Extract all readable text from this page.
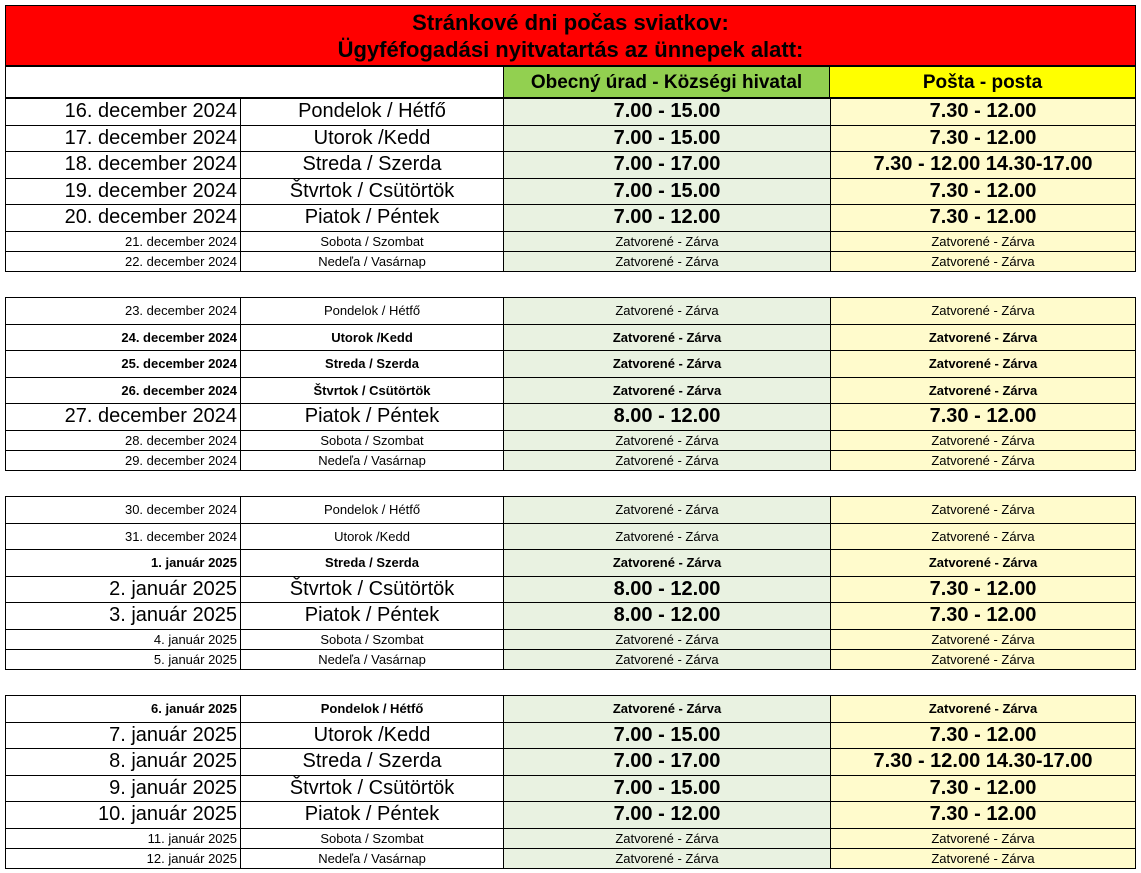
Stránkové dni počas sviatkov:
Ügyféfogadási nyitvatartás az ünnepek alatt:
Obecný úrad - Községi hivatal	Pošta - posta
16. december 2024	Pondelok / Hétfő	7.00 - 15.00	7.30 - 12.00
17. december 2024	Utorok /Kedd	7.00 - 15.00	7.30 - 12.00
18. december 2024	Streda / Szerda	7.00 - 17.00	7.30 - 12.00 14.30-17.00
19. december 2024	Štvrtok / Csütörtök	7.00 - 15.00	7.30 - 12.00
20. december 2024	Piatok / Péntek	7.00 - 12.00	7.30 - 12.00
21. december 2024	Sobota / Szombat	Zatvorené - Zárva	Zatvorené - Zárva
22. december 2024	Nedeľa / Vasárnap	Zatvorené - Zárva	Zatvorené - Zárva
23. december 2024	Pondelok / Hétfő	Zatvorené - Zárva	Zatvorené - Zárva
24. december 2024	Utorok /Kedd	Zatvorené - Zárva	Zatvorené - Zárva
25. december 2024	Streda / Szerda	Zatvorené - Zárva	Zatvorené - Zárva
26. december 2024	Štvrtok / Csütörtök	Zatvorené - Zárva	Zatvorené - Zárva
27. december 2024	Piatok / Péntek	8.00 - 12.00	7.30 - 12.00
28. december 2024	Sobota / Szombat	Zatvorené - Zárva	Zatvorené - Zárva
29. december 2024	Nedeľa / Vasárnap	Zatvorené - Zárva	Zatvorené - Zárva
30. december 2024	Pondelok / Hétfő	Zatvorené - Zárva	Zatvorené - Zárva
31. december 2024	Utorok /Kedd	Zatvorené - Zárva	Zatvorené - Zárva
1. január 2025	Streda / Szerda	Zatvorené - Zárva	Zatvorené - Zárva
2. január 2025	Štvrtok / Csütörtök	8.00 - 12.00	7.30 - 12.00
3. január 2025	Piatok / Péntek	8.00 - 12.00	7.30 - 12.00
4. január 2025	Sobota / Szombat	Zatvorené - Zárva	Zatvorené - Zárva
5. január 2025	Nedeľa / Vasárnap	Zatvorené - Zárva	Zatvorené - Zárva
6. január 2025	Pondelok / Hétfő	Zatvorené - Zárva	Zatvorené - Zárva
7. január 2025	Utorok /Kedd	7.00 - 15.00	7.30 - 12.00
8. január 2025	Streda / Szerda	7.00 - 17.00	7.30 - 12.00 14.30-17.00
9. január 2025	Štvrtok / Csütörtök	7.00 - 15.00	7.30 - 12.00
10. január 2025	Piatok / Péntek	7.00 - 12.00	7.30 - 12.00
11. január 2025	Sobota / Szombat	Zatvorené - Zárva	Zatvorené - Zárva
12. január 2025	Nedeľa / Vasárnap	Zatvorené - Zárva	Zatvorené - Zárva
